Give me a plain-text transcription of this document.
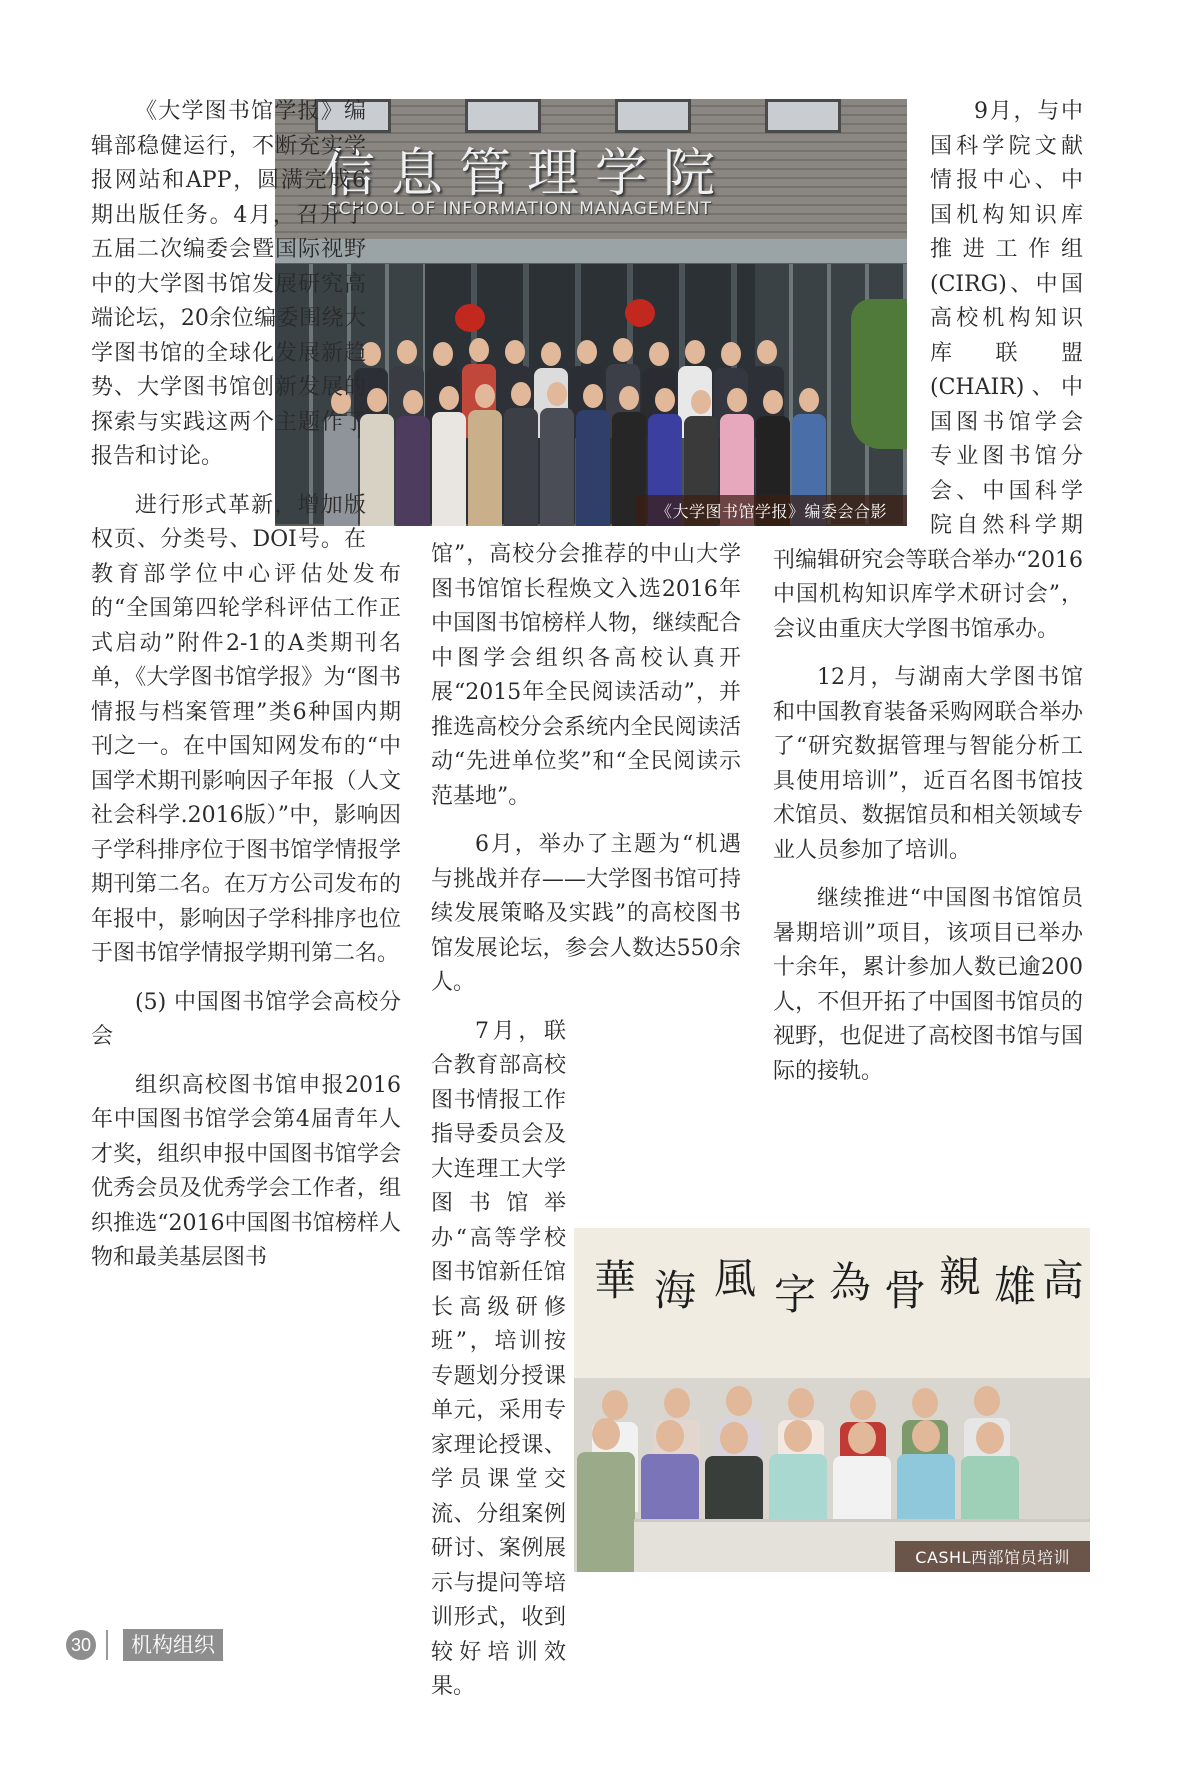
信息管理学院
SCHOOL OF INFORMATION MANAGEMENT
《大学图书馆学报》编委会合影

《大学图书馆学报》编辑部稳健运行，不断充实学报网站和APP，圆满完成6期出版任务。4月，召开了五届二次编委会暨国际视野中的大学图书馆发展研究高端论坛，20余位编委围绕大学图书馆的全球化发展新趋势、大学图书馆创新发展的探索与实践这两个主题作了报告和讨论。

进行形式革新，增加版权页、分类号、DOI号。在教育部学位中心评估处发布的“全国第四轮学科评估工作正式启动”附件2-1的A类期刊名单，《大学图书馆学报》为“图书情报与档案管理”类6种国内期刊之一。在中国知网发布的“中国学术期刊影响因子年报（人文社会科学.2016版）”中，影响因子学科排序位于图书馆学情报学期刊第二名。在万方公司发布的年报中，影响因子学科排序也位于图书馆学情报学期刊第二名。

(5) 中国图书馆学会高校分会

组织高校图书馆申报2016年中国图书馆学会第4届青年人才奖，组织申报中国图书馆学会优秀会员及优秀学会工作者，组织推选“2016中国图书馆榜样人物和最美基层图书

馆”，高校分会推荐的中山大学图书馆馆长程焕文入选2016年中国图书馆榜样人物，继续配合中图学会组织各高校认真开展“2015年全民阅读活动”，并推选高校分会系统内全民阅读活动“先进单位奖”和“全民阅读示范基地”。

6月，举办了主题为“机遇与挑战并存——大学图书馆可持续发展策略及实践”的高校图书馆发展论坛，参会人数达550余人。

7月，联合教育部高校图书情报工作指导委员会及大连理工大学图书馆举办“高等学校图书馆新任馆长高级研修班”，培训按专题划分授课单元，采用专家理论授课、学员课堂交流、分组案例研讨、案例展示与提问等培训形式，收到较好培训效果。

9月，与中国科学院文献情报中心、中国机构知识库推进工作组(CIRG)、中国高校机构知识库联盟(CHAIR)、中国图书馆学会专业图书馆分会、中国科学院自然科学期刊编辑研究会等联合举办“2016中国机构知识库学术研讨会”，会议由重庆大学图书馆承办。

12月，与湖南大学图书馆和中国教育装备采购网联合举办了“研究数据管理与智能分析工具使用培训”，近百名图书馆技术馆员、数据馆员和相关领域专业人员参加了培训。

继续推进“中国图书馆馆员暑期培训”项目，该项目已举办十余年，累计参加人数已逾200人，不但开拓了中国图书馆员的视野，也促进了高校图书馆与国际的接轨。

華 海 風 字 為 骨 親 雄 高
CASHL西部馆员培训
30	机构组织
